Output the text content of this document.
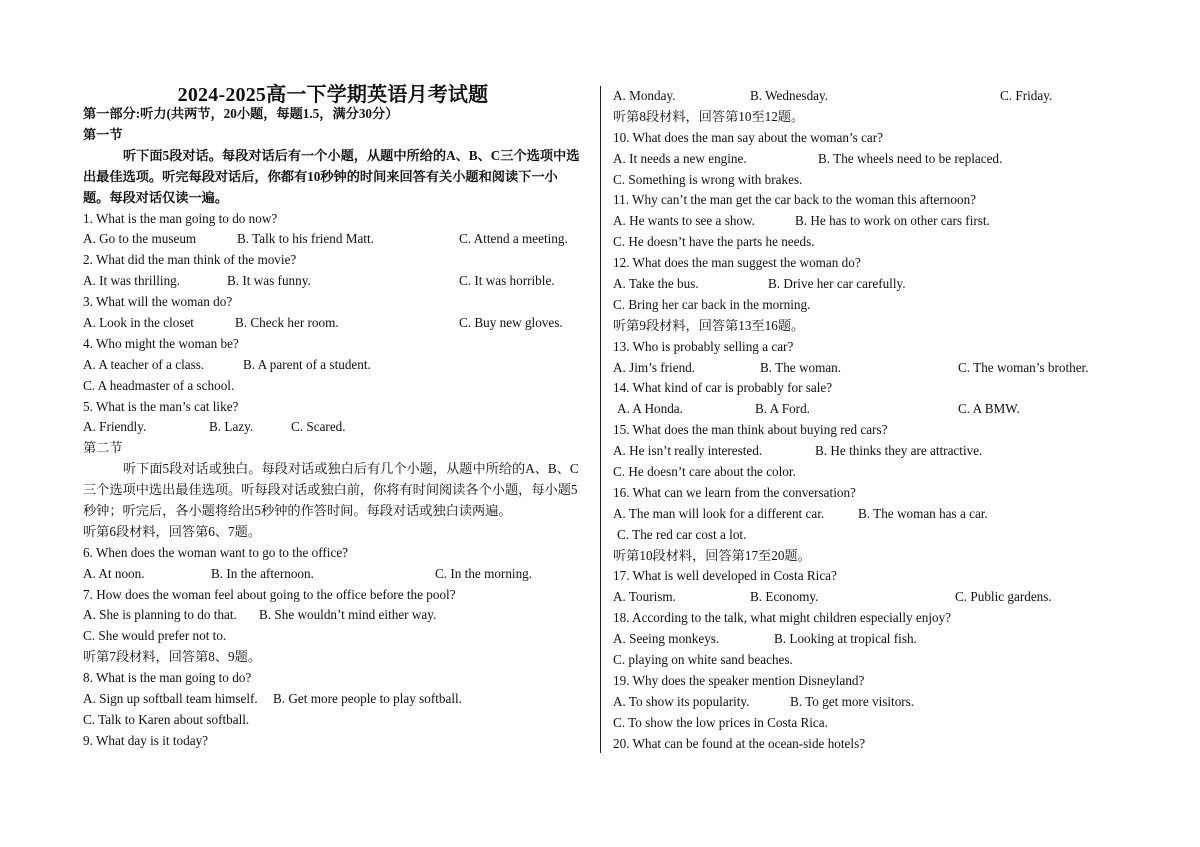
2024-2025高一下学期英语月考试题
第一部分:听力(共两节，20小题，每题1.5，满分30分）
第一节
听下面5段对话。每段对话后有一个小题，从题中所给的A、B、C三个选项中选出最佳选项。听完每段对话后，你都有10秒钟的时间来回答有关小题和阅读下一小题。每段对话仅读一遍。
1. What is the man going to do now?
A. Go to the museum	B. Talk to his friend Matt.	C. Attend a meeting.
2. What did the man think of the movie?
A. It was thrilling.	B. It was funny.	C. It was horrible.
3. What will the woman do?
A. Look in the closet	B. Check her room.	C. Buy new gloves.
4. Who might the woman be?
A. A teacher of a class.	B. A parent of a student.
C. A headmaster of a school.
5. What is the man’s cat like?
A. Friendly.	B. Lazy.	C. Scared.
第二节
听下面5段对话或独白。每段对话或独白后有几个小题，从题中所给的A、B、C三个选项中选出最佳选项。听每段对话或独白前，你将有时间阅读各个小题，每小题5秒钟；听完后，各小题将给出5秒钟的作答时间。每段对话或独白读两遍。
听第6段材料，回答第6、7题。
6. When does the woman want to go to the office?
A. At noon.	B. In the afternoon.	C. In the morning.
7. How does the woman feel about going to the office before the pool?
A. She is planning to do that. B. She wouldn’t mind either way.
C. She would prefer not to.
听第7段材料，回答第8、9题。
8. What is the man going to do?
A. Sign up softball team himself. B. Get more people to play softball.
C. Talk to Karen about softball.
9. What day is it today?
A. Monday.	B. Wednesday.	C. Friday.
听第8段材料，回答第10至12题。
10. What does the man say about the woman’s car?
A. It needs a new engine.	B. The wheels need to be replaced.
C. Something is wrong with brakes.
11. Why can’t the man get the car back to the woman this afternoon?
A. He wants to see a show.	B. He has to work on other cars first.
C. He doesn’t have the parts he needs.
12. What does the man suggest the woman do?
A. Take the bus.	B. Drive her car carefully.
C. Bring her car back in the morning.
听第9段材料，回答第13至16题。
13. Who is probably selling a car?
A. Jim’s friend.	B. The woman.	C. The woman’s brother.
14. What kind of car is probably for sale?
A. A Honda.	B. A Ford.	C. A BMW.
15. What does the man think about buying red cars?
A. He isn’t really interested.	B. He thinks they are attractive.
C. He doesn’t care about the color.
16. What can we learn from the conversation?
A. The man will look for a different car.	B. The woman has a car.
C. The red car cost a lot.
听第10段材料，回答第17至20题。
17. What is well developed in Costa Rica?
A. Tourism.	B. Economy.	C. Public gardens.
18. According to the talk, what might children especially enjoy?
A. Seeing monkeys.	B. Looking at tropical fish.
C. playing on white sand beaches.
19. Why does the speaker mention Disneyland?
A. To show its popularity.	B. To get more visitors.
C. To show the low prices in Costa Rica.
20. What can be found at the ocean-side hotels?
